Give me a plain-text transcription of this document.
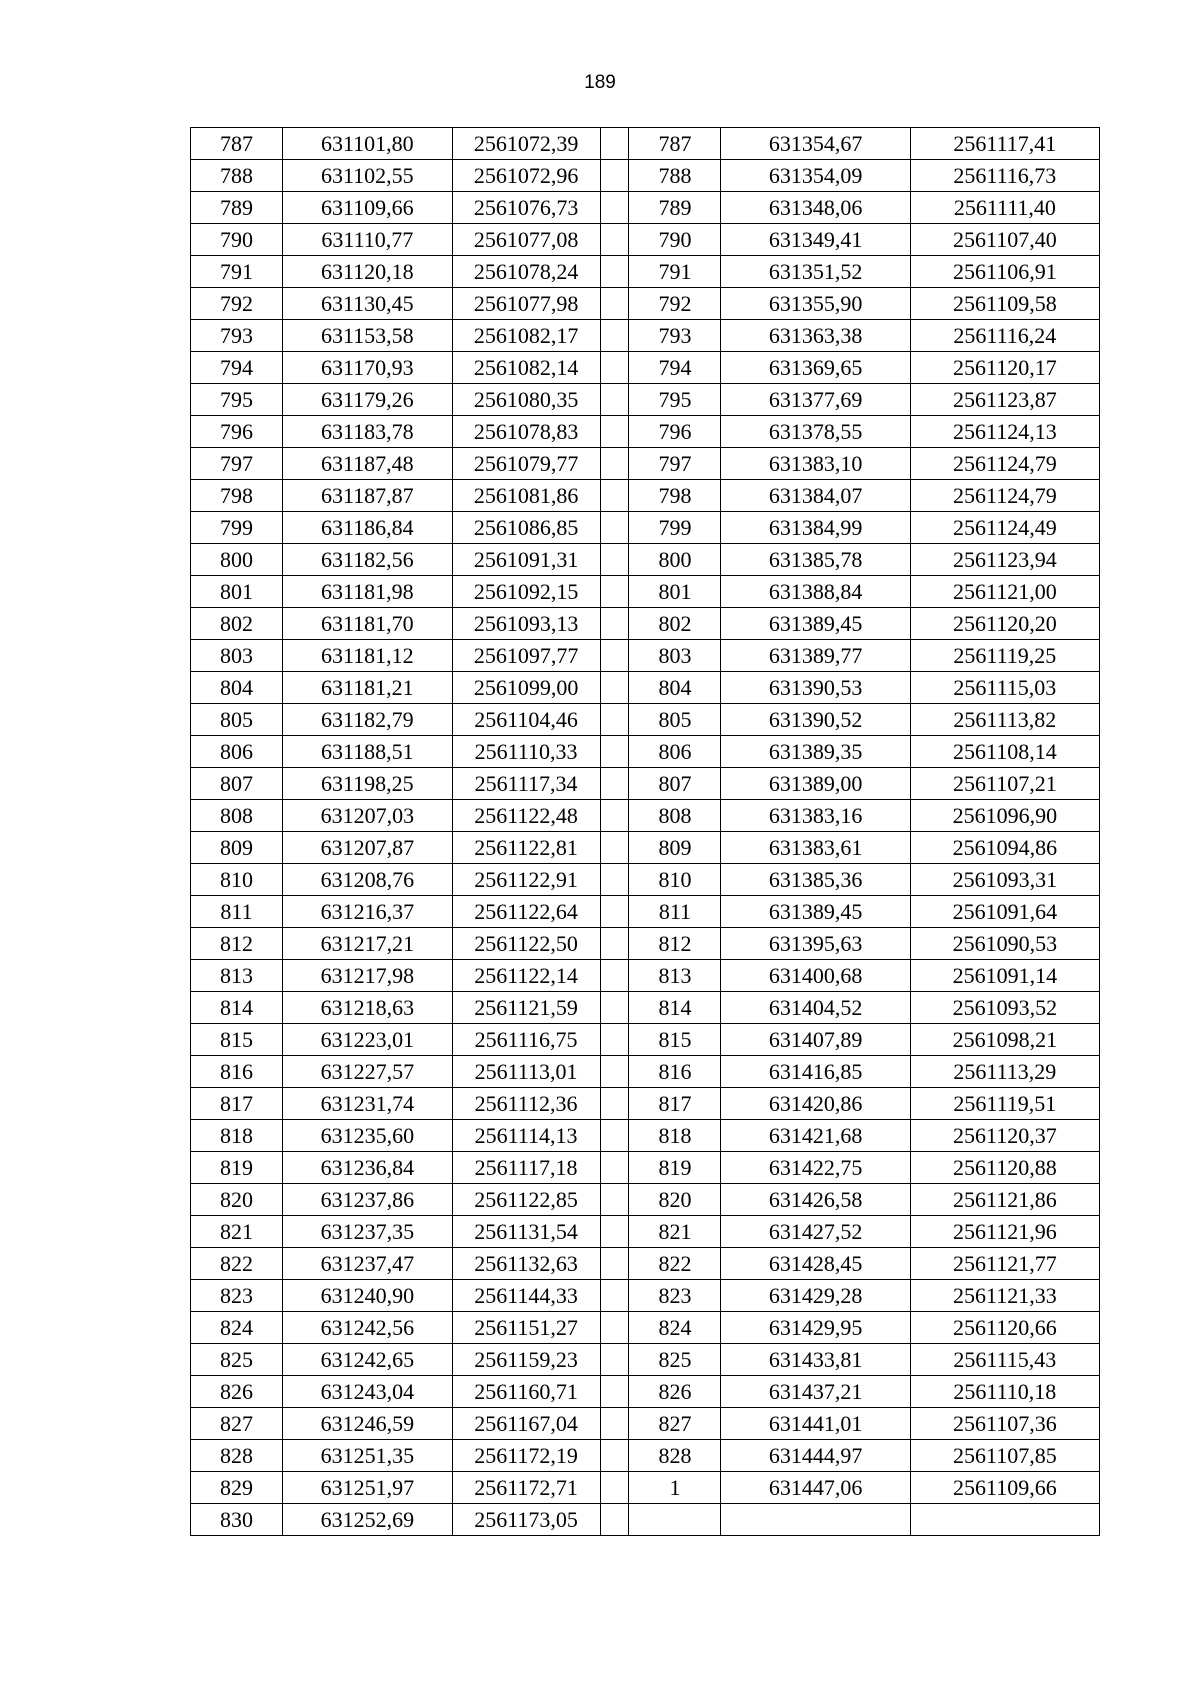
189
787	631101,80	2561072,39		787	631354,67	2561117,41
788	631102,55	2561072,96		788	631354,09	2561116,73
789	631109,66	2561076,73		789	631348,06	2561111,40
790	631110,77	2561077,08		790	631349,41	2561107,40
791	631120,18	2561078,24		791	631351,52	2561106,91
792	631130,45	2561077,98		792	631355,90	2561109,58
793	631153,58	2561082,17		793	631363,38	2561116,24
794	631170,93	2561082,14		794	631369,65	2561120,17
795	631179,26	2561080,35		795	631377,69	2561123,87
796	631183,78	2561078,83		796	631378,55	2561124,13
797	631187,48	2561079,77		797	631383,10	2561124,79
798	631187,87	2561081,86		798	631384,07	2561124,79
799	631186,84	2561086,85		799	631384,99	2561124,49
800	631182,56	2561091,31		800	631385,78	2561123,94
801	631181,98	2561092,15		801	631388,84	2561121,00
802	631181,70	2561093,13		802	631389,45	2561120,20
803	631181,12	2561097,77		803	631389,77	2561119,25
804	631181,21	2561099,00		804	631390,53	2561115,03
805	631182,79	2561104,46		805	631390,52	2561113,82
806	631188,51	2561110,33		806	631389,35	2561108,14
807	631198,25	2561117,34		807	631389,00	2561107,21
808	631207,03	2561122,48		808	631383,16	2561096,90
809	631207,87	2561122,81		809	631383,61	2561094,86
810	631208,76	2561122,91		810	631385,36	2561093,31
811	631216,37	2561122,64		811	631389,45	2561091,64
812	631217,21	2561122,50		812	631395,63	2561090,53
813	631217,98	2561122,14		813	631400,68	2561091,14
814	631218,63	2561121,59		814	631404,52	2561093,52
815	631223,01	2561116,75		815	631407,89	2561098,21
816	631227,57	2561113,01		816	631416,85	2561113,29
817	631231,74	2561112,36		817	631420,86	2561119,51
818	631235,60	2561114,13		818	631421,68	2561120,37
819	631236,84	2561117,18		819	631422,75	2561120,88
820	631237,86	2561122,85		820	631426,58	2561121,86
821	631237,35	2561131,54		821	631427,52	2561121,96
822	631237,47	2561132,63		822	631428,45	2561121,77
823	631240,90	2561144,33		823	631429,28	2561121,33
824	631242,56	2561151,27		824	631429,95	2561120,66
825	631242,65	2561159,23		825	631433,81	2561115,43
826	631243,04	2561160,71		826	631437,21	2561110,18
827	631246,59	2561167,04		827	631441,01	2561107,36
828	631251,35	2561172,19		828	631444,97	2561107,85
829	631251,97	2561172,71		1	631447,06	2561109,66
830	631252,69	2561173,05				
